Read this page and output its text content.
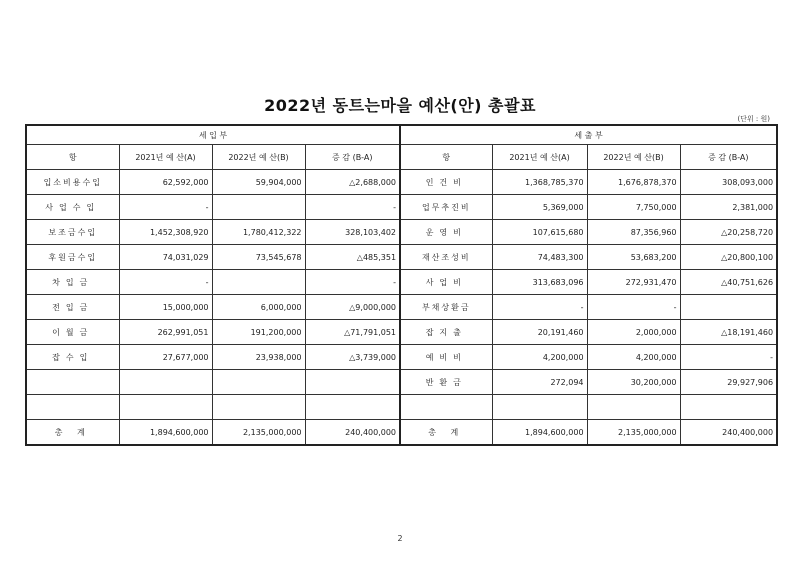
2022년 동트는마을 예산(안) 총괄표
(단위 : 원)
세 입 부				세 출 부			
항	2021년 예 산(A)	2022년 예 산(B)	증 감 (B-A)	항	2021년 예 산(A)	2022년 예 산(B)	증 감 (B-A)
입소비용수입	62,592,000	59,904,000	△2,688,000	인건비	1,368,785,370	1,676,878,370	308,093,000
사업수입	-		-	업무추진비	5,369,000	7,750,000	2,381,000
보조금수입	1,452,308,920	1,780,412,322	328,103,402	운영비	107,615,680	87,356,960	△20,258,720
후원금수입	74,031,029	73,545,678	△485,351	재산조성비	74,483,300	53,683,200	△20,800,100
차입금	-		-	사업비	313,683,096	272,931,470	△40,751,626
전입금	15,000,000	6,000,000	△9,000,000	부채상환금	-	-	
이월금	262,991,051	191,200,000	△71,791,051	잡지출	20,191,460	2,000,000	△18,191,460
잡수입	27,677,000	23,938,000	△3,739,000	예비비	4,200,000	4,200,000	-
				반환금	272,094	30,200,000	29,927,906

총 계	1,894,600,000	2,135,000,000	240,400,000	총 계	1,894,600,000	2,135,000,000	240,400,000
2
